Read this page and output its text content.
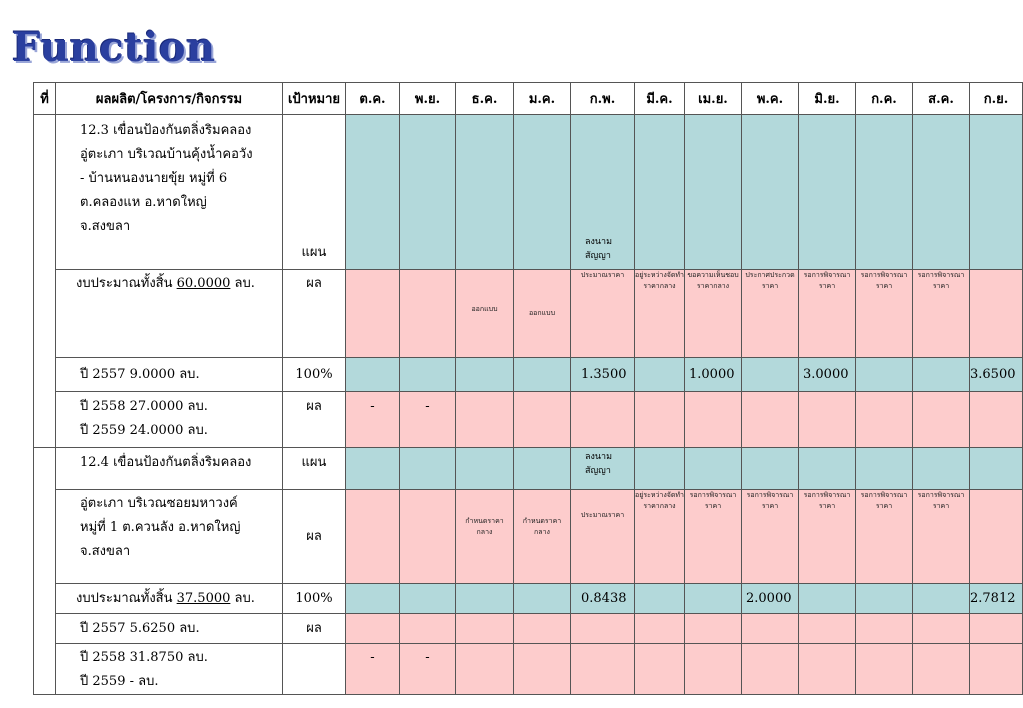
Function
ที่	ผลผลิต/โครงการ/กิจกรรม	เป้าหมาย	ต.ค.	พ.ย.	ธ.ค.	ม.ค.	ก.พ.	มี.ค.	เม.ย.	พ.ค.	มิ.ย.	ก.ค.	ส.ค.	ก.ย.

	12.3 เขื่อนป้องกันตลิ่งริมคลอง
อู่ตะเภา บริเวณบ้านคุ้งน้ำคอวัง
- บ้านหนองนายขุ้ย หมู่ที่ 6
ต.คลองแห อ.หาดใหญ่
จ.สงขลา	แผน					ลงนาม สัญญา							

	งบประมาณทั้งสิ้น 60.0000 ลบ.	ผล			ออกแบบ	ออกแบบ	ประมาณราคา	อยู่ระหว่างจัดทำราคากลาง	ขอความเห็นชอบราคากลาง	ประกาศประกวดราคา	รอการพิจารณาราคา	รอการพิจารณาราคา	รอการพิจารณาราคา	
	ปี 2557 9.0000 ลบ.	100%					1.3500		1.0000		3.0000			3.6500

	ปี 2558 27.0000 ลบ.
ปี 2559 24.0000 ลบ.	ผล	-	-										
	12.4 เขื่อนป้องกันตลิ่งริมคลอง	แผน					ลงนาม สัญญา							

	อู่ตะเภา บริเวณซอยมหาวงค์
หมู่ที่ 1 ต.ควนลัง อ.หาดใหญ่
จ.สงขลา	ผล			กำหนดราคากลาง	กำหนดราคากลาง	ประมาณราคา	อยู่ระหว่างจัดทำราคากลาง	รอการพิจารณาราคา	รอการพิจารณาราคา	รอการพิจารณาราคา	รอการพิจารณาราคา	รอการพิจารณาราคา	
	งบประมาณทั้งสิ้น 37.5000 ลบ.	100%					0.8438			2.0000				2.7812
	ปี 2557 5.6250 ลบ.	ผล												

	ปี 2558 31.8750 ลบ.
ปี 2559 - ลบ.		-	-										
